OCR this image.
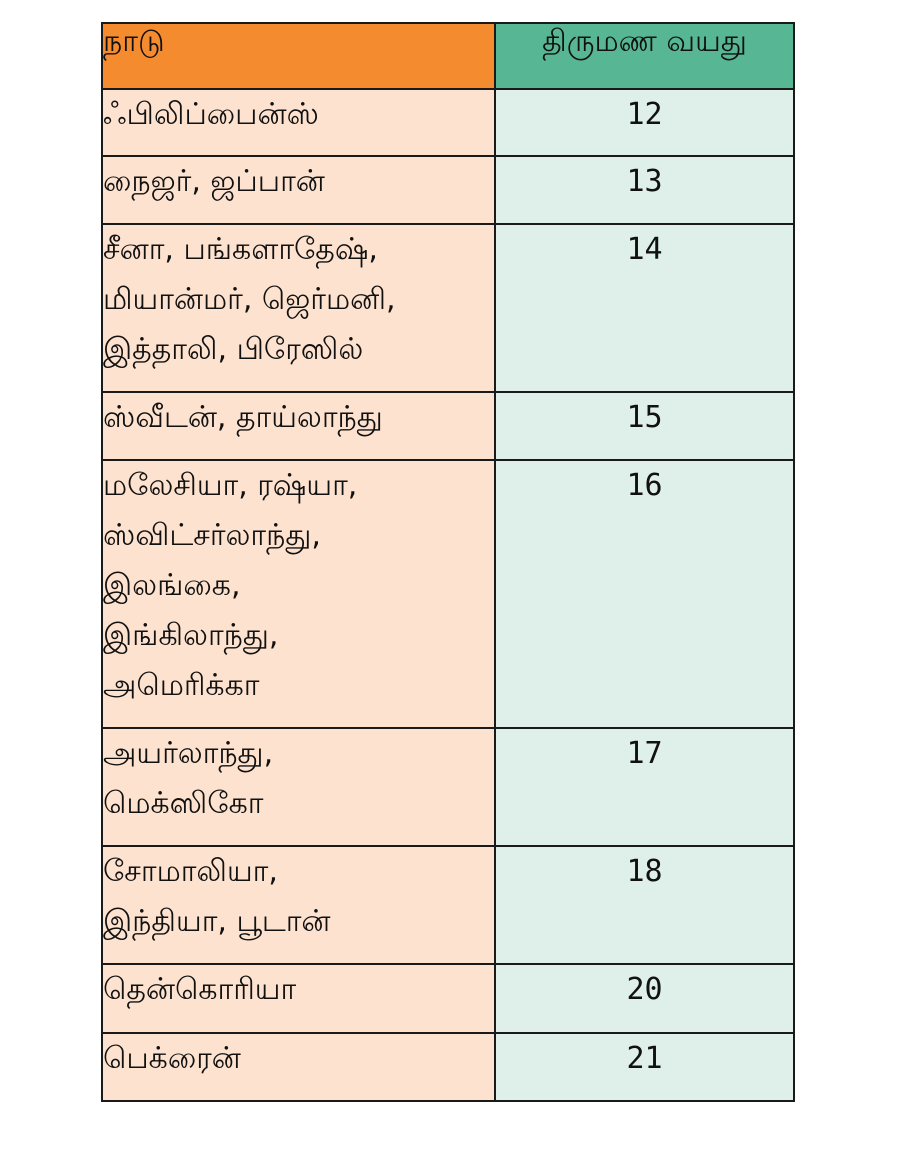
நாடு	திருமண வயது

ஃபிலிப்பைன்ஸ்	12

நைஜர், ஜப்பான்	13

சீனா, பங்களாதேஷ்,
மியான்மர், ஜெர்மனி,
இத்தாலி, பிரேஸில்	14

ஸ்வீடன், தாய்லாந்து	15

மலேசியா, ரஷ்யா,
ஸ்விட்சர்லாந்து,
இலங்கை,
இங்கிலாந்து,
அமெரிக்கா	16

அயர்லாந்து,
மெக்ஸிகோ	17

சோமாலியா,
இந்தியா, பூடான்	18

தென்கொரியா	20

பெக்ரைன்	21
